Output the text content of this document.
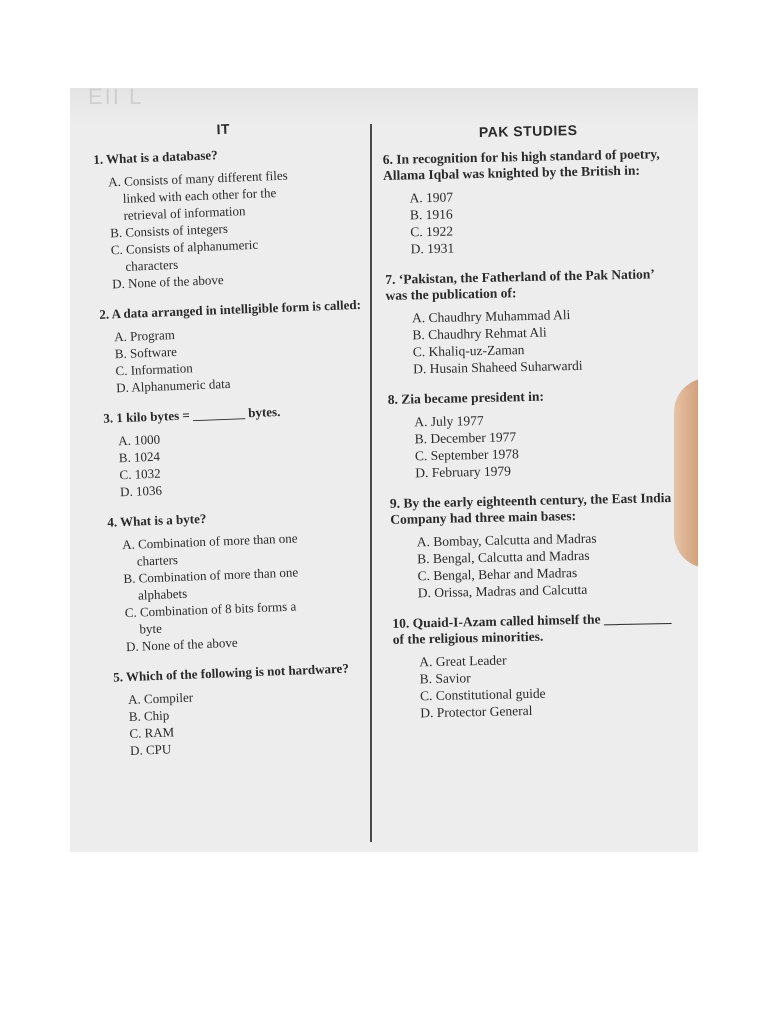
EII L
IT
1. What is a database?
A. Consists of many different files
linked with each other for the
retrieval of information
B. Consists of integers
C. Consists of alphanumeric
characters
D. None of the above
2. A data arranged in intelligible form is called:
A. Program
B. Software
C. Information
D. Alphanumeric data
3. 1 kilo bytes = ________ bytes.
A. 1000
B. 1024
C. 1032
D. 1036
4. What is a byte?
A. Combination of more than one
charters
B. Combination of more than one
alphabets
C. Combination of 8 bits forms a
byte
D. None of the above
5. Which of the following is not hardware?
A. Compiler
B. Chip
C. RAM
D. CPU
PAK STUDIES
6. In recognition for his high standard of poetry, Allama Iqbal was knighted by the British in:
A. 1907
B. 1916
C. 1922
D. 1931
7. ‘Pakistan, the Fatherland of the Pak Nation’ was the publication of:
A. Chaudhry Muhammad Ali
B. Chaudhry Rehmat Ali
C. Khaliq-uz-Zaman
D. Husain Shaheed Suharwardi
8. Zia became president in:
A. July 1977
B. December 1977
C. September 1978
D. February 1979
9. By the early eighteenth century, the East India Company had three main bases:
A. Bombay, Calcutta and Madras
B. Bengal, Calcutta and Madras
C. Bengal, Behar and Madras
D. Orissa, Madras and Calcutta
10. Quaid-I-Azam called himself the __________ of the religious minorities.
A. Great Leader
B. Savior
C. Constitutional guide
D. Protector General
